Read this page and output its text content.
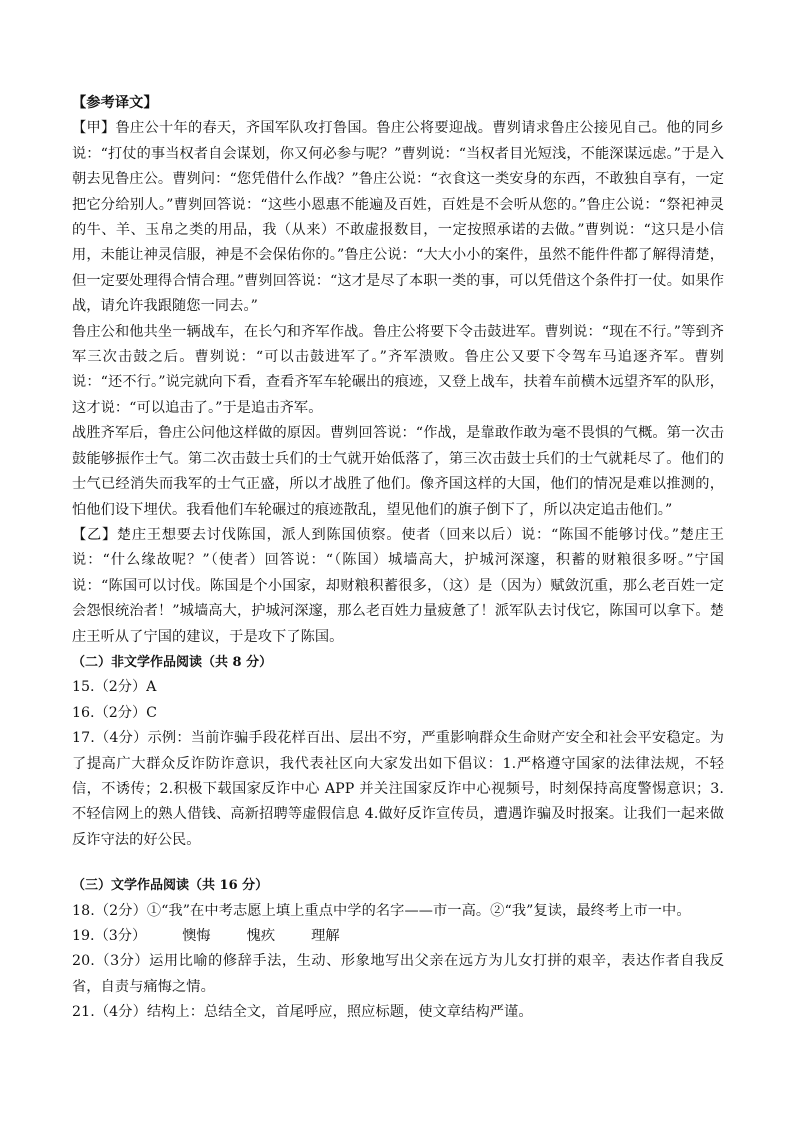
【参考译文】

【甲】鲁庄公十年的春天，齐国军队攻打鲁国。鲁庄公将要迎战。曹刿请求鲁庄公接见自己。他的同乡说：“打仗的事当权者自会谋划，你又何必参与呢？”曹刿说：“当权者目光短浅，不能深谋远虑。”于是入朝去见鲁庄公。曹刿问：“您凭借什么作战？”鲁庄公说：“衣食这一类安身的东西，不敢独自享有，一定把它分给别人。”曹刿回答说：“这些小恩惠不能遍及百姓，百姓是不会听从您的。”鲁庄公说：“祭祀神灵的牛、羊、玉帛之类的用品，我（从来）不敢虚报数目，一定按照承诺的去做。”曹刿说：“这只是小信用，未能让神灵信服，神是不会保佑你的。”鲁庄公说：“大大小小的案件，虽然不能件件都了解得清楚，但一定要处理得合情合理。”曹刿回答说：“这才是尽了本职一类的事，可以凭借这个条件打一仗。如果作战，请允许我跟随您一同去。”

鲁庄公和他共坐一辆战车，在长勺和齐军作战。鲁庄公将要下令击鼓进军。曹刿说：“现在不行。”等到齐军三次击鼓之后。曹刿说：“可以击鼓进军了。”齐军溃败。鲁庄公又要下令驾车马追逐齐军。曹刿说：“还不行。”说完就向下看，查看齐军车轮碾出的痕迹，又登上战车，扶着车前横木远望齐军的队形，这才说：“可以追击了。”于是追击齐军。

战胜齐军后，鲁庄公问他这样做的原因。曹刿回答说：“作战，是靠敢作敢为毫不畏惧的气概。第一次击鼓能够振作士气。第二次击鼓士兵们的士气就开始低落了，第三次击鼓士兵们的士气就耗尽了。他们的士气已经消失而我军的士气正盛，所以才战胜了他们。像齐国这样的大国，他们的情况是难以推测的，怕他们设下埋伏。我看他们车轮碾过的痕迹散乱，望见他们的旗子倒下了，所以决定追击他们。”

【乙】楚庄王想要去讨伐陈国，派人到陈国侦察。使者（回来以后）说：“陈国不能够讨伐。”楚庄王说：“什么缘故呢？”（使者）回答说：“（陈国）城墙高大，护城河深邃，积蓄的财粮很多呀。”宁国说：“陈国可以讨伐。陈国是个小国家，却财粮积蓄很多，（这）是（因为）赋敛沉重，那么老百姓一定会怨恨统治者！”城墙高大，护城河深邃，那么老百姓力量疲惫了！派军队去讨伐它，陈国可以拿下。楚庄王听从了宁国的建议，于是攻下了陈国。

（二）非文学作品阅读（共 8 分）

15.（2分）A

16.（2分）C

17.（4分）示例：当前诈骗手段花样百出、层出不穷，严重影响群众生命财产安全和社会平安稳定。为了提高广大群众反诈防诈意识，我代表社区向大家发出如下倡议：1.严格遵守国家的法律法规，不轻信，不诱传；2.积极下载国家反诈中心 APP 并关注国家反诈中心视频号，时刻保持高度警惕意识；3.不轻信网上的熟人借钱、高新招聘等虚假信息 4.做好反诈宣传员，遭遇诈骗及时报案。让我们一起来做反诈守法的好公民。

（三）文学作品阅读（共 16 分）

18.（2分）①“我”在中考志愿上填上重点中学的名字——市一高。②“我”复读，最终考上市一中。

19.（3分）        懊悔        愧疚        理解

20.（3分）运用比喻的修辞手法，生动、形象地写出父亲在远方为儿女打拼的艰辛，表达作者自我反省，自责与痛悔之情。

21.（4分）结构上：总结全文，首尾呼应，照应标题，使文章结构严谨。
